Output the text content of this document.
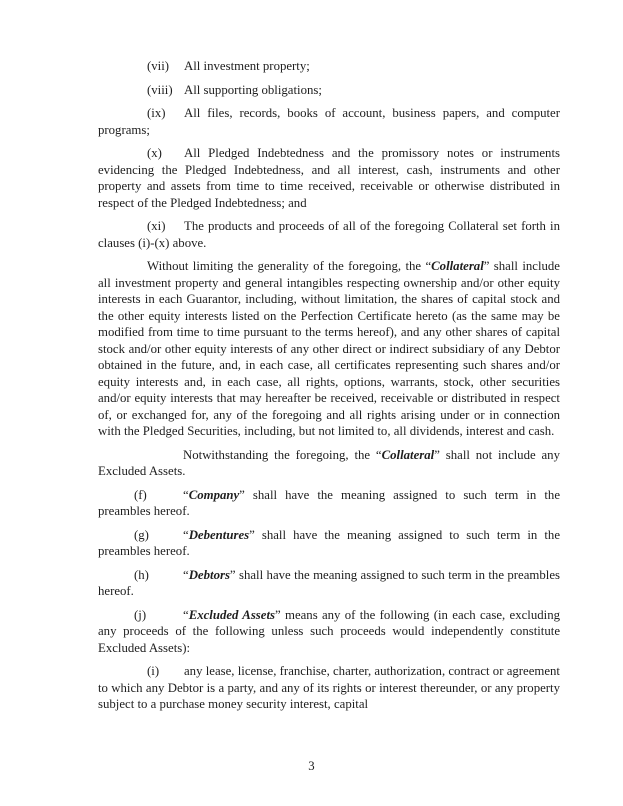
(vii) All investment property;

(viii) All supporting obligations;

(ix) All files, records, books of account, business papers, and computer programs;

(x) All Pledged Indebtedness and the promissory notes or instruments evidencing the Pledged Indebtedness, and all interest, cash, instruments and other property and assets from time to time received, receivable or otherwise distributed in respect of the Pledged Indebtedness; and

(xi) The products and proceeds of all of the foregoing Collateral set forth in clauses (i)-(x) above.

Without limiting the generality of the foregoing, the “Collateral” shall include all investment property and general intangibles respecting ownership and/or other equity interests in each Guarantor, including, without limitation, the shares of capital stock and the other equity interests listed on the Perfection Certificate hereto (as the same may be modified from time to time pursuant to the terms hereof), and any other shares of capital stock and/or other equity interests of any other direct or indirect subsidiary of any Debtor obtained in the future, and, in each case, all certificates representing such shares and/or equity interests and, in each case, all rights, options, warrants, stock, other securities and/or equity interests that may hereafter be received, receivable or distributed in respect of, or exchanged for, any of the foregoing and all rights arising under or in connection with the Pledged Securities, including, but not limited to, all dividends, interest and cash.

Notwithstanding the foregoing, the “Collateral” shall not include any Excluded Assets.

(f)	“Company” shall have the meaning assigned to such term in the preambles hereof.

(g)	“Debentures” shall have the meaning assigned to such term in the preambles hereof.

(h)	“Debtors” shall have the meaning assigned to such term in the preambles hereof.

(j)	“Excluded Assets” means any of the following (in each case, excluding any proceeds of the following unless such proceeds would independently constitute Excluded Assets):

(i) any lease, license, franchise, charter, authorization, contract or agreement to which any Debtor is a party, and any of its rights or interest thereunder, or any property subject to a purchase money security interest, capital

3
